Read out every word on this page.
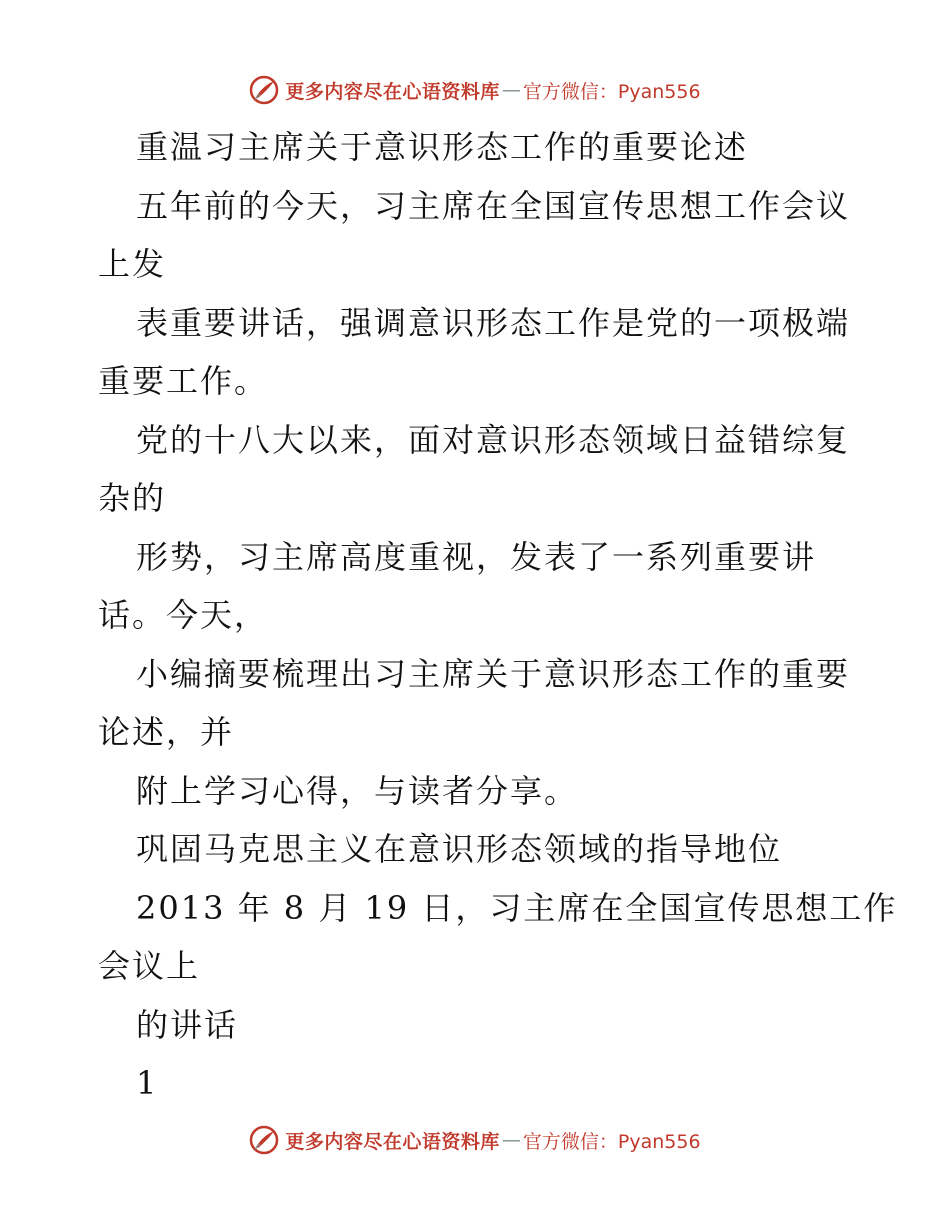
更多内容尽在心语资料库 — 官方微信：Pyan556
重温习主席关于意识形态工作的重要论述
五年前的今天，习主席在全国宣传思想工作会议
上发
表重要讲话，强调意识形态工作是党的一项极端
重要工作。
党的十八大以来，面对意识形态领域日益错综复
杂的
形势，习主席高度重视，发表了一系列重要讲
话。今天，
小编摘要梳理出习主席关于意识形态工作的重要
论述，并
附上学习心得，与读者分享。
巩固马克思主义在意识形态领域的指导地位
2013 年 8 月 19 日，习主席在全国宣传思想工作
会议上
的讲话
1
更多内容尽在心语资料库 — 官方微信：Pyan556
